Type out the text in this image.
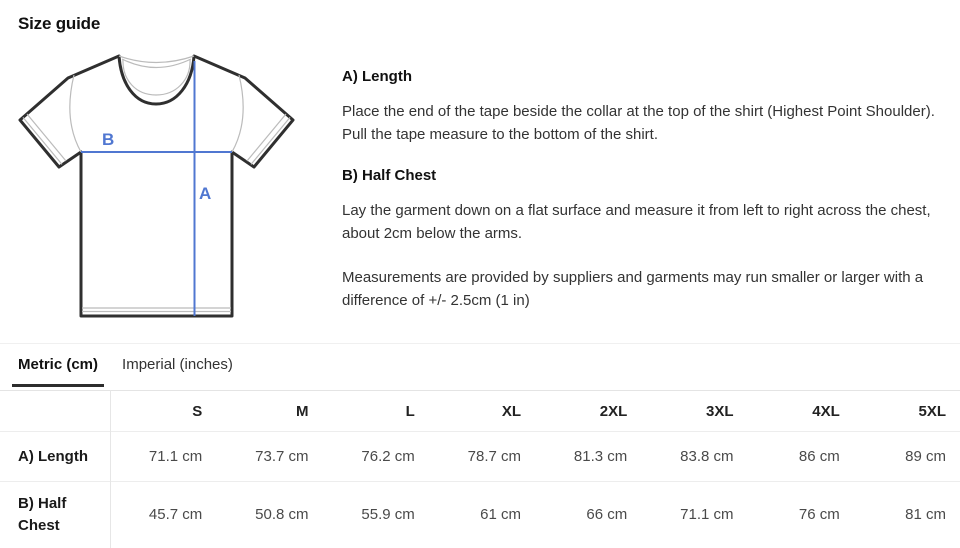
Size guide
B
A
A) Length

Place the end of the tape beside the collar at the top of the shirt (Highest Point Shoulder). Pull the tape measure to the bottom of the shirt.

B) Half Chest

Lay the garment down on a flat surface and measure it from left to right across the chest, about 2cm below the arms.

Measurements are provided by suppliers and garments may run smaller or larger with a difference of +/- 2.5cm (1 in)

Metric (cm)	Imperial (inches)
	S	M	L	XL	2XL	3XL	4XL	5XL
A) Length	71.1 cm	73.7 cm	76.2 cm	78.7 cm	81.3 cm	83.8 cm	86 cm	89 cm
B) Half Chest	45.7 cm	50.8 cm	55.9 cm	61 cm	66 cm	71.1 cm	76 cm	81 cm
